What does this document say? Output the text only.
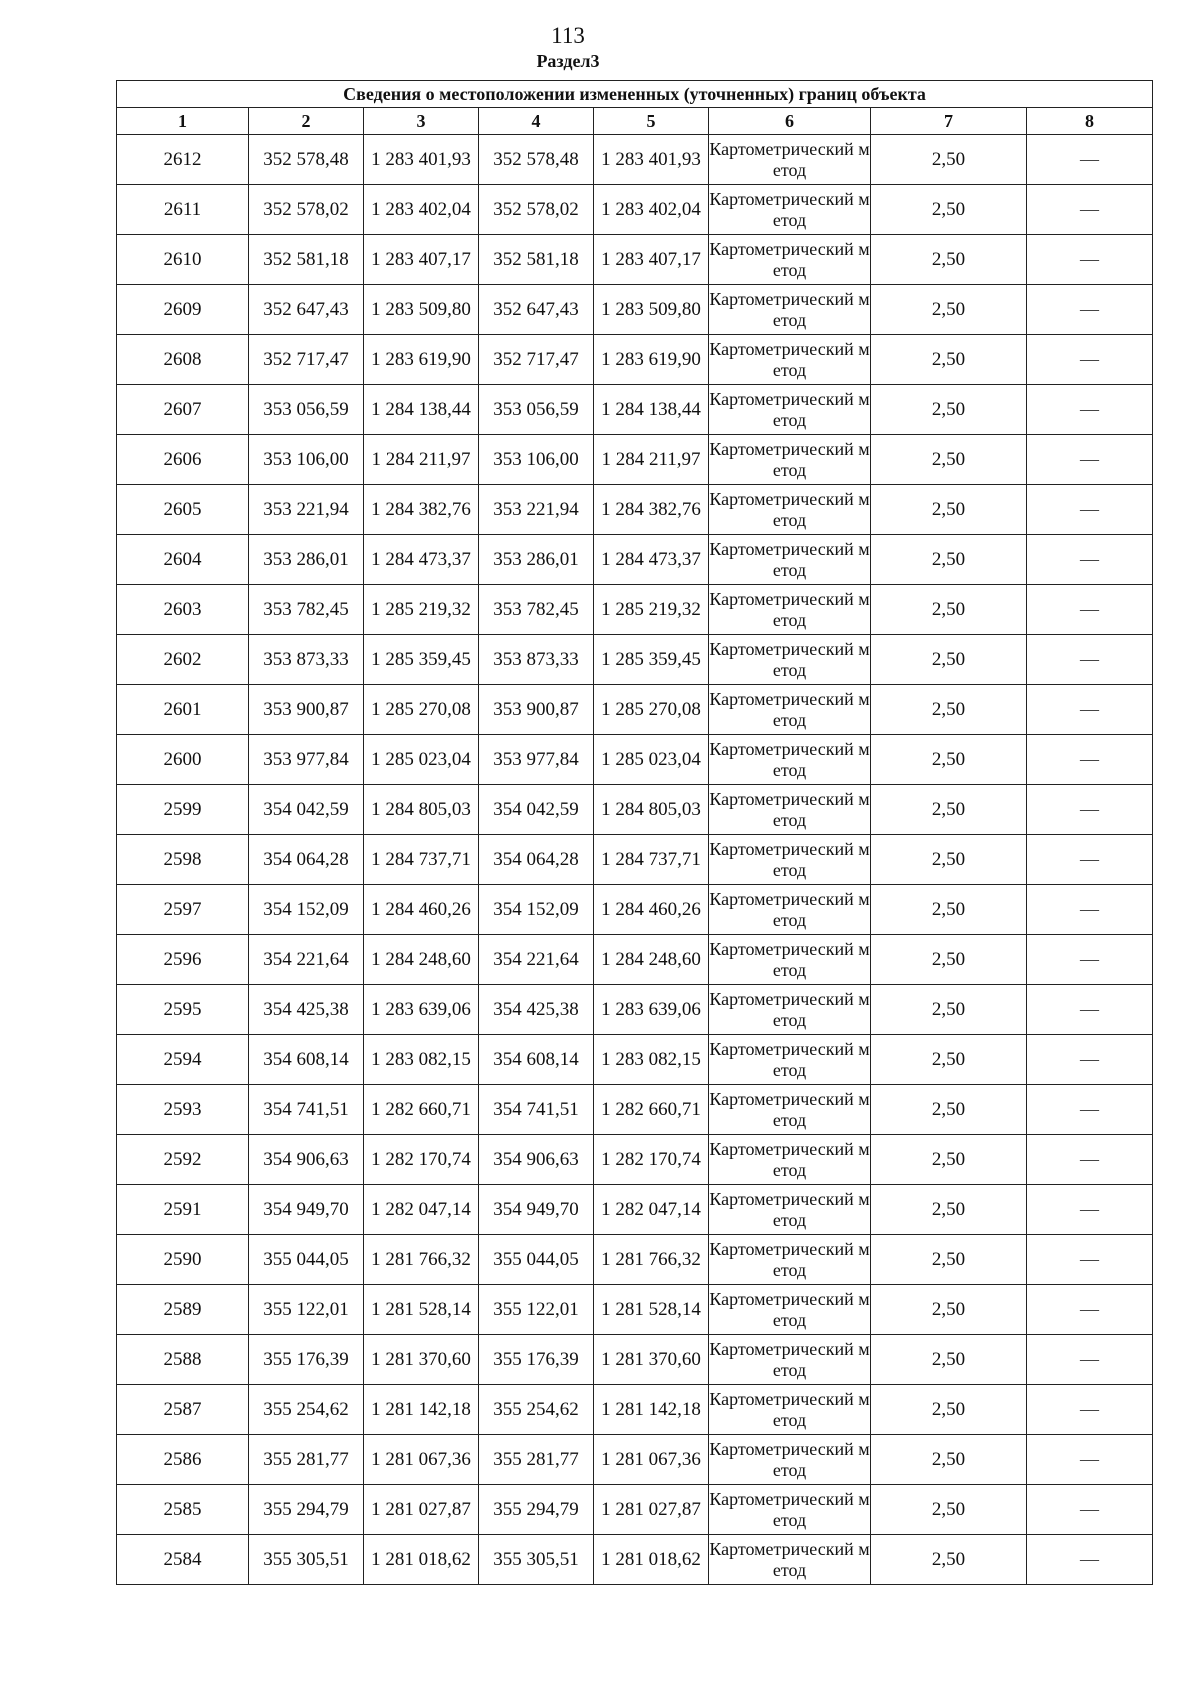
113
Раздел3
Сведения о местоположении измененных (уточненных) границ объекта							
1	2	3	4	5	6	7	8
2612	352 578,48	1 283 401,93	352 578,48	1 283 401,93	Картометрический метод	2,50	—
2611	352 578,02	1 283 402,04	352 578,02	1 283 402,04	Картометрический метод	2,50	—
2610	352 581,18	1 283 407,17	352 581,18	1 283 407,17	Картометрический метод	2,50	—
2609	352 647,43	1 283 509,80	352 647,43	1 283 509,80	Картометрический метод	2,50	—
2608	352 717,47	1 283 619,90	352 717,47	1 283 619,90	Картометрический метод	2,50	—
2607	353 056,59	1 284 138,44	353 056,59	1 284 138,44	Картометрический метод	2,50	—
2606	353 106,00	1 284 211,97	353 106,00	1 284 211,97	Картометрический метод	2,50	—
2605	353 221,94	1 284 382,76	353 221,94	1 284 382,76	Картометрический метод	2,50	—
2604	353 286,01	1 284 473,37	353 286,01	1 284 473,37	Картометрический метод	2,50	—
2603	353 782,45	1 285 219,32	353 782,45	1 285 219,32	Картометрический метод	2,50	—
2602	353 873,33	1 285 359,45	353 873,33	1 285 359,45	Картометрический метод	2,50	—
2601	353 900,87	1 285 270,08	353 900,87	1 285 270,08	Картометрический метод	2,50	—
2600	353 977,84	1 285 023,04	353 977,84	1 285 023,04	Картометрический метод	2,50	—
2599	354 042,59	1 284 805,03	354 042,59	1 284 805,03	Картометрический метод	2,50	—
2598	354 064,28	1 284 737,71	354 064,28	1 284 737,71	Картометрический метод	2,50	—
2597	354 152,09	1 284 460,26	354 152,09	1 284 460,26	Картометрический метод	2,50	—
2596	354 221,64	1 284 248,60	354 221,64	1 284 248,60	Картометрический метод	2,50	—
2595	354 425,38	1 283 639,06	354 425,38	1 283 639,06	Картометрический метод	2,50	—
2594	354 608,14	1 283 082,15	354 608,14	1 283 082,15	Картометрический метод	2,50	—
2593	354 741,51	1 282 660,71	354 741,51	1 282 660,71	Картометрический метод	2,50	—
2592	354 906,63	1 282 170,74	354 906,63	1 282 170,74	Картометрический метод	2,50	—
2591	354 949,70	1 282 047,14	354 949,70	1 282 047,14	Картометрический метод	2,50	—
2590	355 044,05	1 281 766,32	355 044,05	1 281 766,32	Картометрический метод	2,50	—
2589	355 122,01	1 281 528,14	355 122,01	1 281 528,14	Картометрический метод	2,50	—
2588	355 176,39	1 281 370,60	355 176,39	1 281 370,60	Картометрический метод	2,50	—
2587	355 254,62	1 281 142,18	355 254,62	1 281 142,18	Картометрический метод	2,50	—
2586	355 281,77	1 281 067,36	355 281,77	1 281 067,36	Картометрический метод	2,50	—
2585	355 294,79	1 281 027,87	355 294,79	1 281 027,87	Картометрический метод	2,50	—
2584	355 305,51	1 281 018,62	355 305,51	1 281 018,62	Картометрический метод	2,50	—
